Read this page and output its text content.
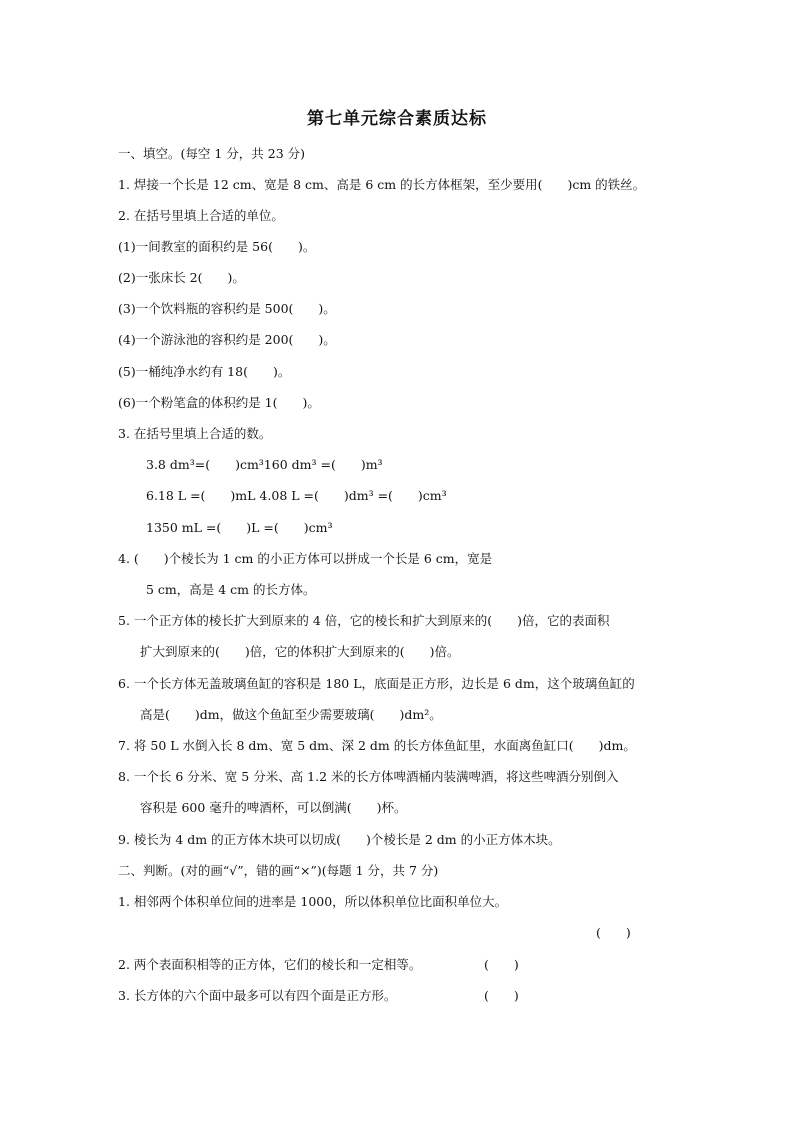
第七单元综合素质达标
一、填空。(每空 1 分，共 23 分)
1. 焊接一个长是 12 cm、宽是 8 cm、高是 6 cm 的长方体框架，至少要用(　　)cm 的铁丝。
2. 在括号里填上合适的单位。
(1)一间教室的面积约是 56(　　)。
(2)一张床长 2(　　)。
(3)一个饮料瓶的容积约是 500(　　)。
(4)一个游泳池的容积约是 200(　　)。
(5)一桶纯净水约有 18(　　)。
(6)一个粉笔盒的体积约是 1(　　)。
3. 在括号里填上合适的数。
3.8 dm³=(　　)cm³160 dm³ =(　　)m³
6.18 L =(　　)mL 4.08 L =(　　)dm³ =(　　)cm³
1350 mL =(　　)L =(　　)cm³
4. (　　)个棱长为 1 cm 的小正方体可以拼成一个长是 6 cm，宽是
5 cm，高是 4 cm 的长方体。
5. 一个正方体的棱长扩大到原来的 4 倍，它的棱长和扩大到原来的(　　)倍，它的表面积
扩大到原来的(　　)倍，它的体积扩大到原来的(　　)倍。
6. 一个长方体无盖玻璃鱼缸的容积是 180 L，底面是正方形，边长是 6 dm，这个玻璃鱼缸的
高是(　　)dm，做这个鱼缸至少需要玻璃(　　)dm²。
7. 将 50 L 水倒入长 8 dm、宽 5 dm、深 2 dm 的长方体鱼缸里，水面离鱼缸口(　　)dm。
8. 一个长 6 分米、宽 5 分米、高 1.2 米的长方体啤酒桶内装满啤酒，将这些啤酒分别倒入
容积是 600 毫升的啤酒杯，可以倒满(　　)杯。
9. 棱长为 4 dm 的正方体木块可以切成(　　)个棱长是 2 dm 的小正方体木块。
二、判断。(对的画“√”，错的画“×”)(每题 1 分，共 7 分)
1. 相邻两个体积单位间的进率是 1000，所以体积单位比面积单位大。
(　　)
2. 两个表面积相等的正方体，它们的棱长和一定相等。	(　　)
3. 长方体的六个面中最多可以有四个面是正方形。	(　　)
